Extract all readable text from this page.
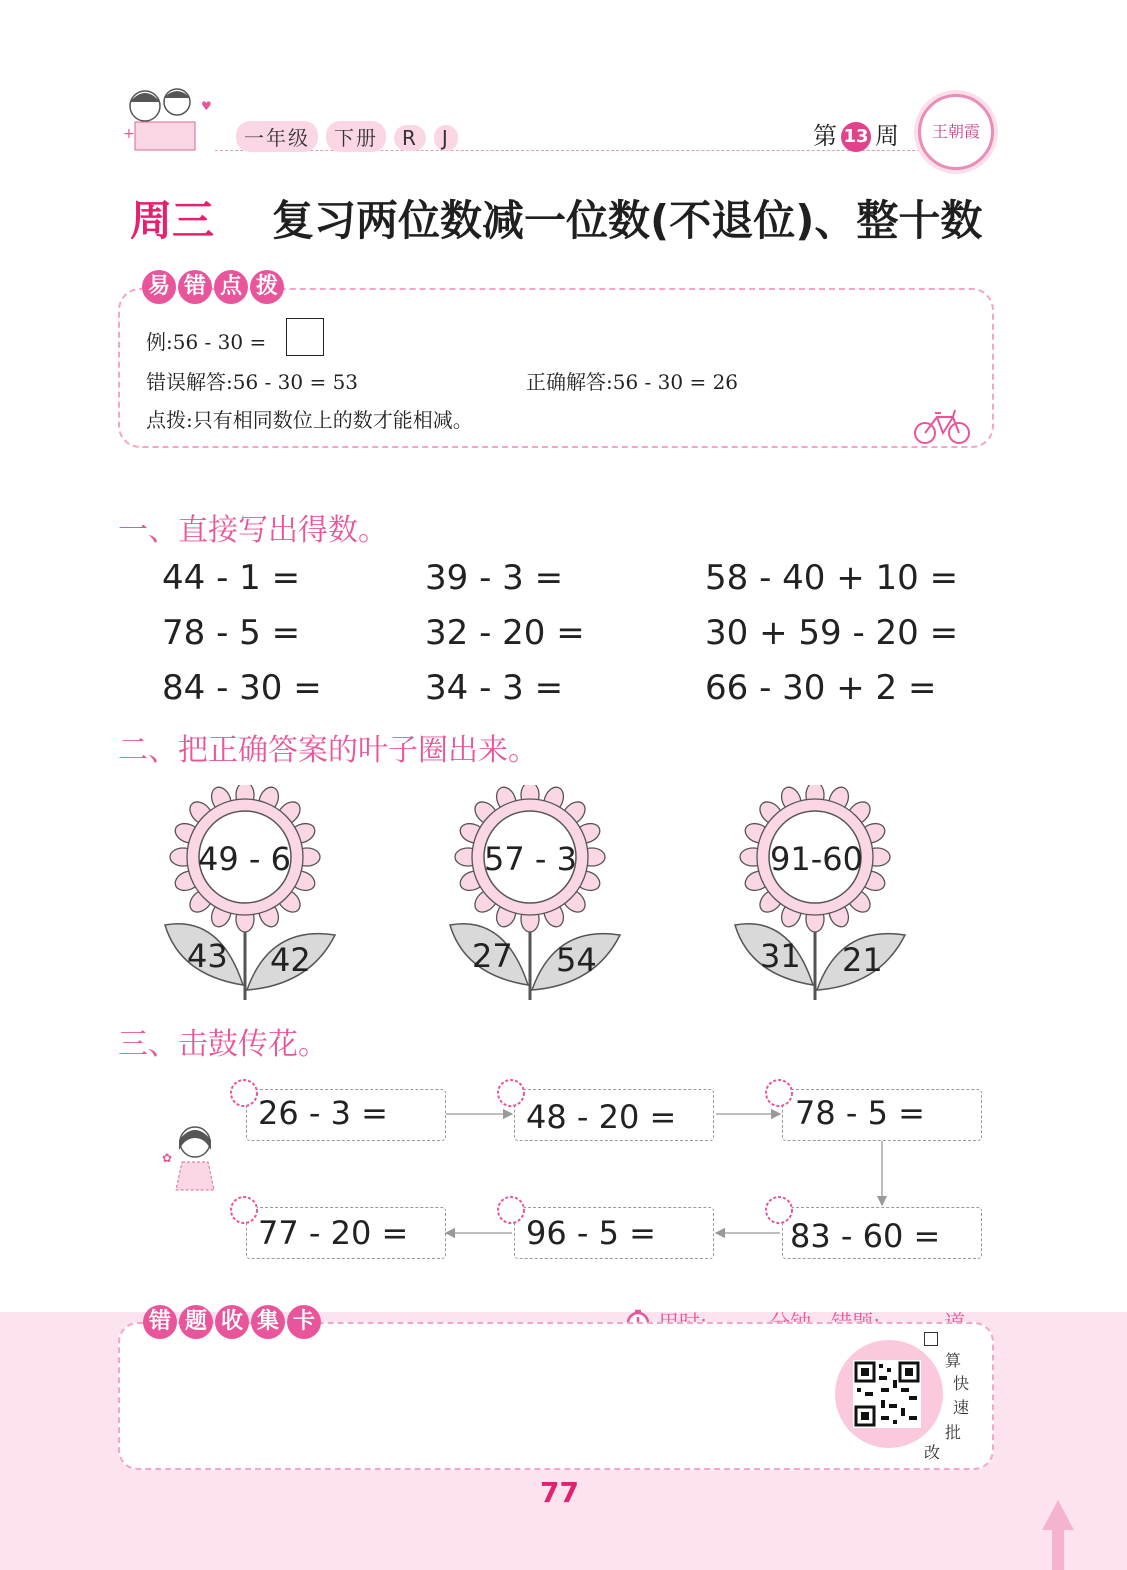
+
♥
一年级 下册 R J	第 13 周	王朝霞
周三 复习两位数减一位数(不退位)、整十数
易 错 点 拨
例:56 - 30 =
错误解答:56 - 30 = 53	正确解答:56 - 30 = 26
点拨:只有相同数位上的数才能相减。
一、直接写出得数。
44 - 1 =	39 - 3 =	58 - 40 + 10 =
78 - 5 =	32 - 20 =	30 + 59 - 20 =
84 - 30 =	34 - 3 =	66 - 30 + 2 =
二、把正确答案的叶子圈出来。
49 - 6
43 42
57 - 3
27 54
91-60
31 21
三、击鼓传花。
✿
26 - 3 =	48 - 20 =	78 - 5 =
77 - 20 =	96 - 5 =	83 - 60 =

错 题 收 集 卡
算
快
速
批
改
77
